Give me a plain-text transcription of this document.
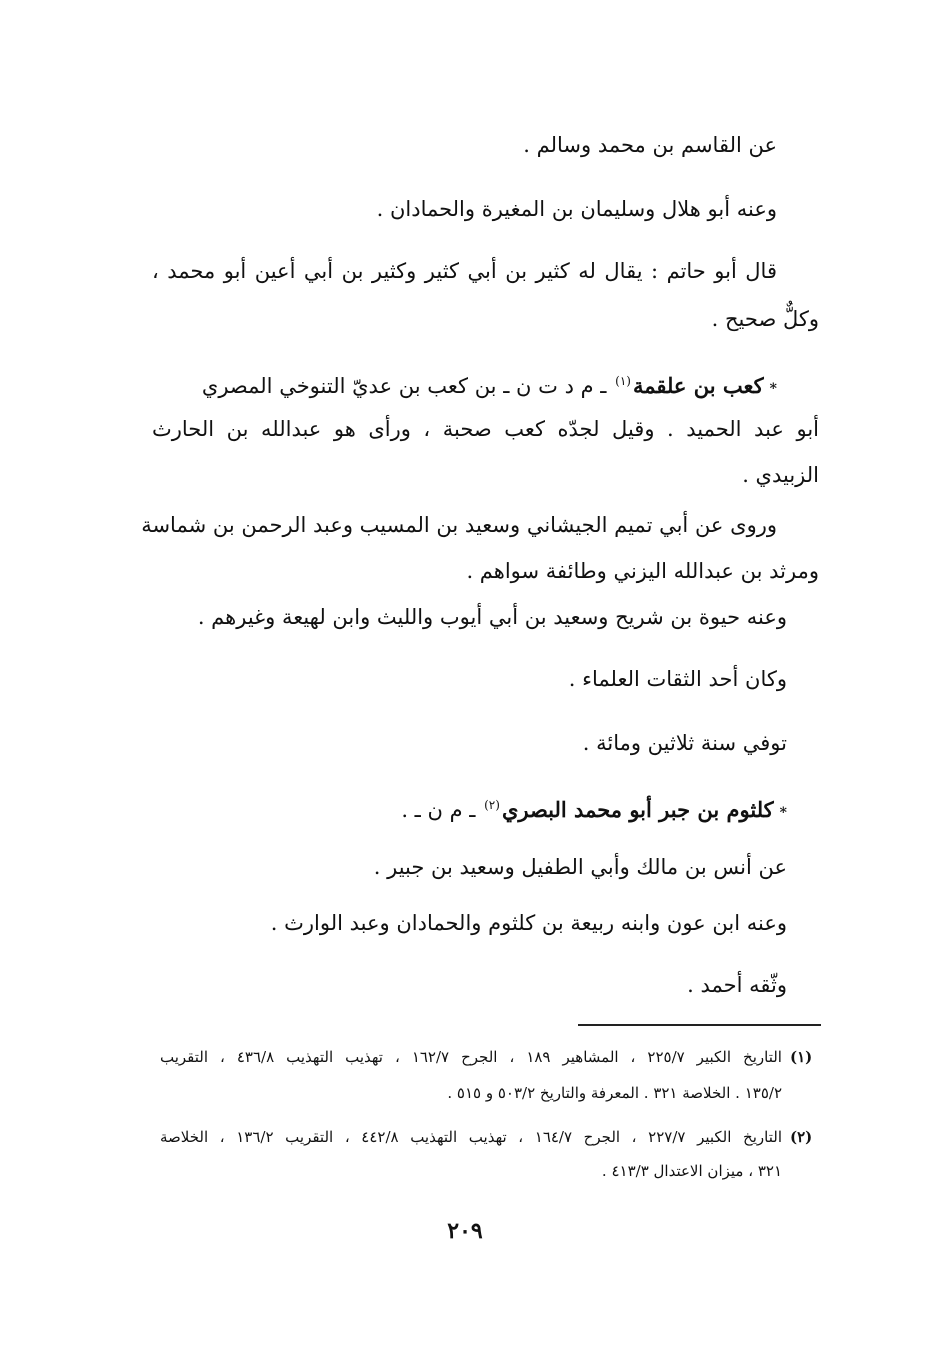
عن القاسم بن محمد وسالم .
وعنه أبو هلال وسليمان بن المغيرة والحمادان .
قال أبو حاتم : يقال له كثير بن أبي كثير وكثير بن أبي أعين أبو محمد ،
وكلٌّ صحيح .
*كعب بن علقمة$^{(١)}$ ـ م د ت ن ـ بن كعب بن عديّ التنوخي المصري
أبو عبد الحميد . وقيل لجدّه كعب صحبة ، ورأى هو عبدالله بن الحارث
الزبيدي .
وروى عن أبي تميم الجيشاني وسعيد بن المسيب وعبد الرحمن بن شماسة
ومرثد بن عبدالله اليزني وطائفة سواهم .
وعنه حيوة بن شريح وسعيد بن أبي أيوب والليث وابن لهيعة وغيرهم .
وكان أحد الثقات العلماء .
توفي سنة ثلاثين ومائة .
*كلثوم بن جبر أبو محمد البصري$^{(٢)}$ ـ م ن ـ .
عن أنس بن مالك وأبي الطفيل وسعيد بن جبير .
وعنه ابن عون وابنه ربيعة بن كلثوم والحمادان وعبد الوارث .
وثّقه أحمد .
(١)
التاريخ الكبير ٢٢٥/٧ ، المشاهير ١٨٩ ، الجرح ١٦٢/٧ ، تهذيب التهذيب ٤٣٦/٨ ، التقريب
١٣٥/٢ . الخلاصة ٣٢١ . المعرفة والتاريخ ٥٠٣/٢ و ٥١٥ .
(٢)
التاريخ الكبير ٢٢٧/٧ ، الجرح ١٦٤/٧ ، تهذيب التهذيب ٤٤٢/٨ ، التقريب ١٣٦/٢ ، الخلاصة
٣٢١ ، ميزان الاعتدال ٤١٣/٣ .
٢٠٩
